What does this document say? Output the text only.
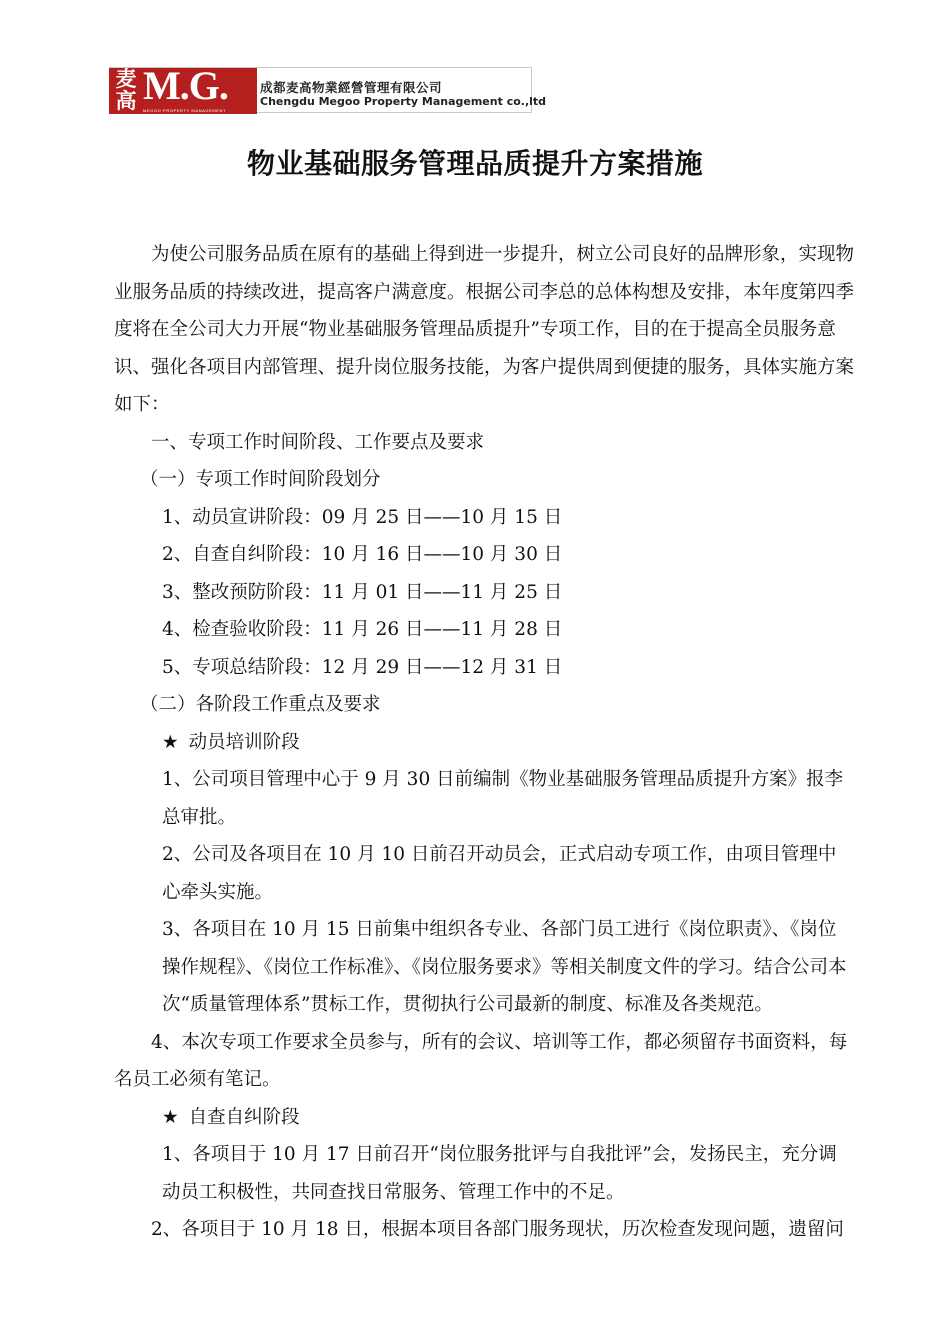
麦高 M.G.
MEGOO PROPERTY MANAGEMENT
成都麦高物業經營管理有限公司
Chengdu Megoo Property Management co.,ltd
物业基础服务管理品质提升方案措施

为使公司服务品质在原有的基础上得到进一步提升，树立公司良好的品牌形象，实现物业服务品质的持续改进，提高客户满意度。根据公司李总的总体构想及安排，本年度第四季度将在全公司大力开展“物业基础服务管理品质提升”专项工作，目的在于提高全员服务意识、强化各项目内部管理、提升岗位服务技能，为客户提供周到便捷的服务，具体实施方案如下：

一、专项工作时间阶段、工作要点及要求

（一）专项工作时间阶段划分

1、动员宣讲阶段：09 月 25 日——10 月 15 日

2、自查自纠阶段：10 月 16 日——10 月 30 日

3、整改预防阶段：11 月 01 日——11 月 25 日

4、检查验收阶段：11 月 26 日——11 月 28 日

5、专项总结阶段：12 月 29 日——12 月 31 日

（二）各阶段工作重点及要求

★ 动员培训阶段

1、公司项目管理中心于 9 月 30 日前编制《物业基础服务管理品质提升方案》报李总审批。

2、公司及各项目在 10 月 10 日前召开动员会，正式启动专项工作，由项目管理中心牵头实施。

3、各项目在 10 月 15 日前集中组织各专业、各部门员工进行《岗位职责》、《岗位操作规程》、《岗位工作标准》、《岗位服务要求》等相关制度文件的学习。结合公司本次“质量管理体系”贯标工作，贯彻执行公司最新的制度、标准及各类规范。

4、本次专项工作要求全员参与，所有的会议、培训等工作，都必须留存书面资料，每名员工必须有笔记。

★ 自查自纠阶段

1、各项目于 10 月 17 日前召开“岗位服务批评与自我批评”会，发扬民主，充分调动员工积极性，共同查找日常服务、管理工作中的不足。

2、各项目于 10 月 18 日，根据本项目各部门服务现状，历次检查发现问题，遗留问
